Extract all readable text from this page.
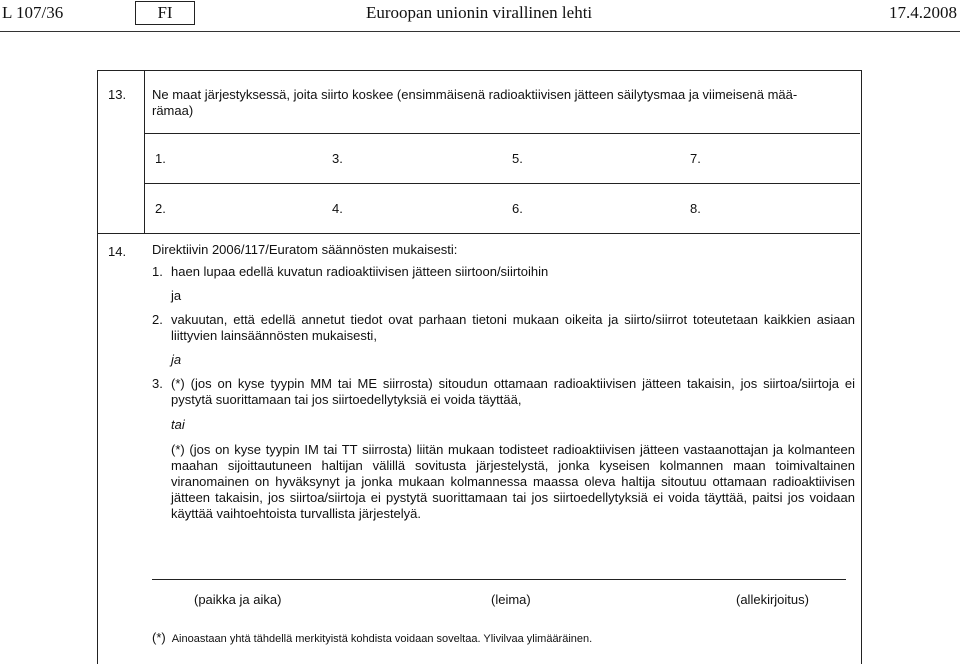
L 107/36	FI	Euroopan unionin virallinen lehti	17.4.2008
13. Ne maat järjestyksessä, joita siirto koskee (ensimmäisenä radioaktiivisen jätteen säilytysmaa ja viimeisenä mää-
rämaa)
1.	3.	5.	7.
2.	4.	6.	8.
14. Direktiivin 2006/117/Euratom säännösten mukaisesti:

1. haen lupaa edellä kuvatun radioaktiivisen jätteen siirtoon/siirtoihin

ja

2. vakuutan, että edellä annetut tiedot ovat parhaan tietoni mukaan oikeita ja siirto/siirrot toteutetaan kaikkien asiaan liittyvien lainsäännösten mukaisesti,

ja

3. (*) (jos on kyse tyypin MM tai ME siirrosta) sitoudun ottamaan radioaktiivisen jätteen takaisin, jos siirtoa/siirtoja ei pystytä suorittamaan tai jos siirtoedellytyksiä ei voida täyttää,

tai

(*) (jos on kyse tyypin IM tai TT siirrosta) liitän mukaan todisteet radioaktiivisen jätteen vastaanottajan ja kolmanteen maahan sijoittautuneen haltijan välillä sovitusta järjestelystä, jonka kyseisen kolmannen maan toimivaltainen viranomainen on hyväksynyt ja jonka mukaan kolmannessa maassa oleva haltija sitoutuu ottamaan radioaktiivisen jätteen takaisin, jos siirtoa/siirtoja ei pystytä suorittamaan tai jos siirtoedellytyksiä ei voida täyttää, paitsi jos voidaan käyttää vaihtoehtoista turvallista järjestelyä.

(paikka ja aika)	(leima)	(allekirjoitus)
(*) Ainoastaan yhtä tähdellä merkityistä kohdista voidaan soveltaa. Ylivilvaa ylimääräinen.
